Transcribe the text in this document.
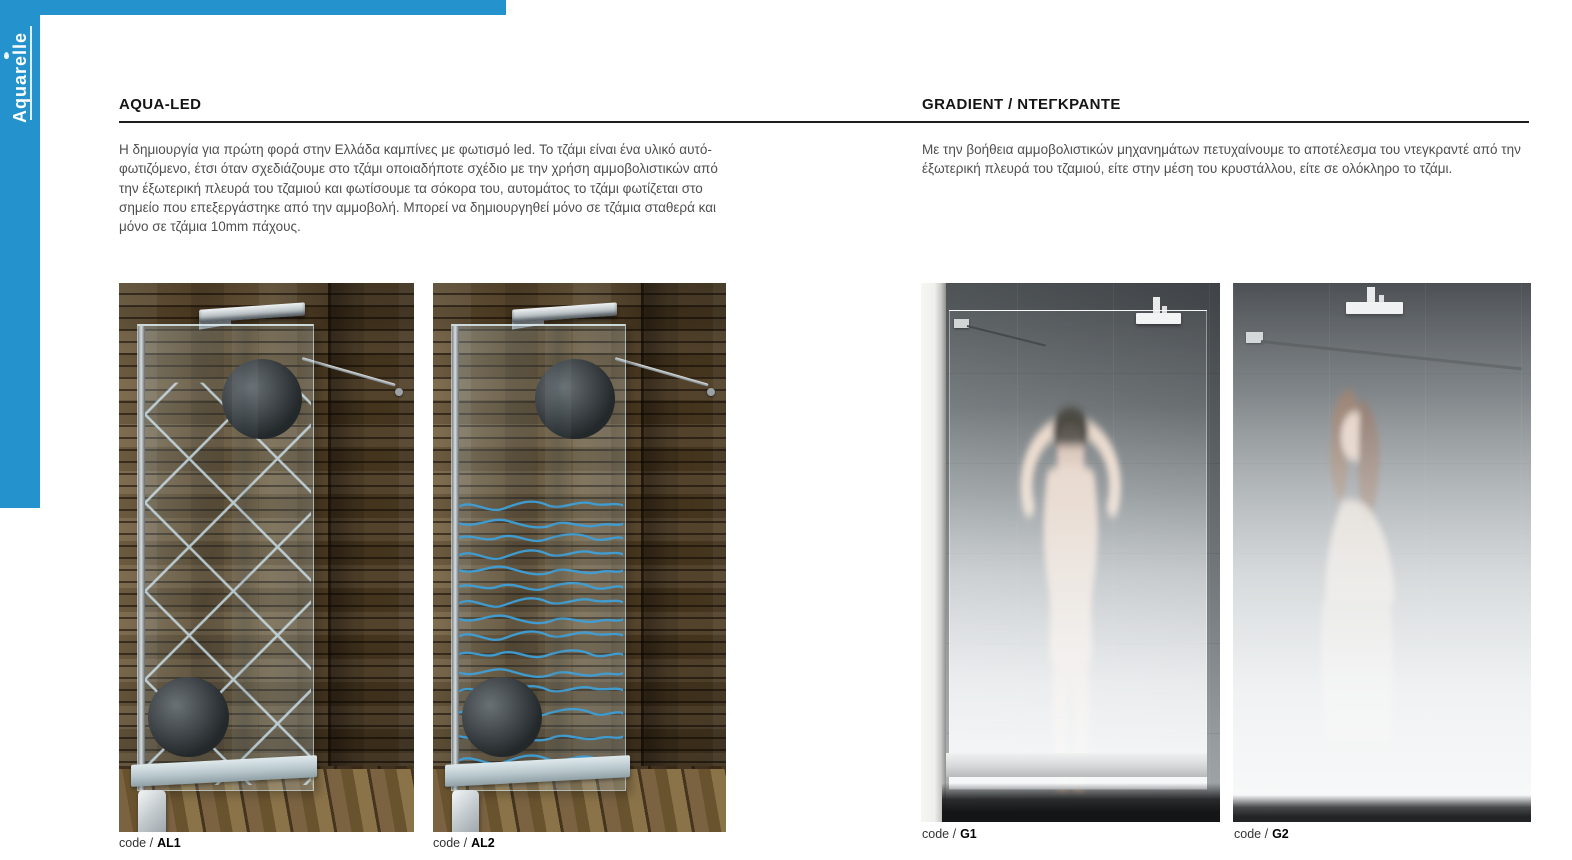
Aquarelle	AQUA-LED	GRADIENT / ΝΤΕΓΚΡΑΝΤΕ

Η δημιουργία για πρώτη φορά στην Ελλάδα καμπίνες με φωτισμό led. Το τζάμι είναι ένα υλικό αυτό-φωτιζόμενο, έτσι όταν σχεδιάζουμε στο τζάμι οποιαδήποτε σχέδιο με την χρήση αμμοβολιστικών από την έξωτερική πλευρά του τζαμιού και φωτίσουμε τα σόκορα του, αυτομάτος το τζάμι φωτίζεται στο σημείο που επεξεργάστηκε από την αμμοβολή. Μπορεί να δημιουργηθεί μόνο σε τζάμια σταθερά και μόνο σε τζάμια 10mm πάχους.

Με την βοήθεια αμμοβολιστικών μηχανημάτων πετυχαίνουμε το αποτέλεσμα του ντεγκραντέ από την έξωτερική πλευρά του τζαμιού, είτε στην μέση του κρυστάλλου, είτε σε ολόκληρο το τζάμι.

code / AL1	code / AL2
code / G1	code / G2
